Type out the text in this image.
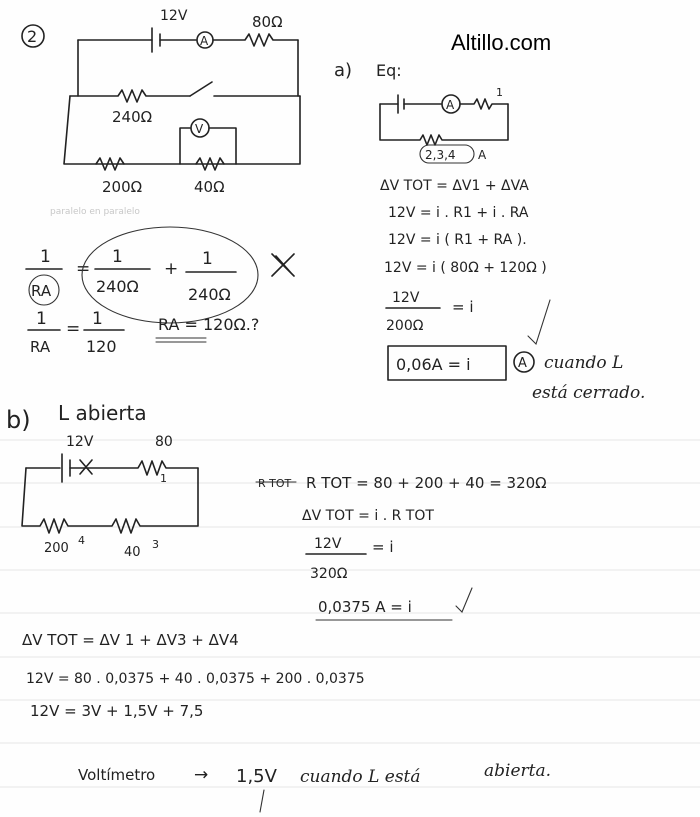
Altillo.com
2	A
12V	80Ω
240Ω
200Ω	40Ω
V
paralelo en paralelo
1
RA
=
1
240Ω
+ 1
240Ω
1
RA
= 1
120
RA = 120Ω.?
a) Eq:
A
1
2,3,4 A
ΔV TOT = ΔV1 + ΔVA
12V = i . R1 + i . RA
12V = i ( R1 + RA ).
12V = i ( 80Ω + 120Ω )
12V
200Ω
= i
0,06A = i	A cuando L
está cerrado.
b) L abierta
12V	80
1
200
4
40
3
R TOT R TOT = 80 + 200 + 40 = 320Ω
ΔV TOT = i . R TOT
12V
320Ω
= i
0,0375 A = i
ΔV TOT = ΔV 1 + ΔV3 + ΔV4
12V = 80 . 0,0375 + 40 . 0,0375 + 200 . 0,0375
12V = 3V + 1,5V + 7,5
Voltímetro → 1,5V cuando L está	abierta.
